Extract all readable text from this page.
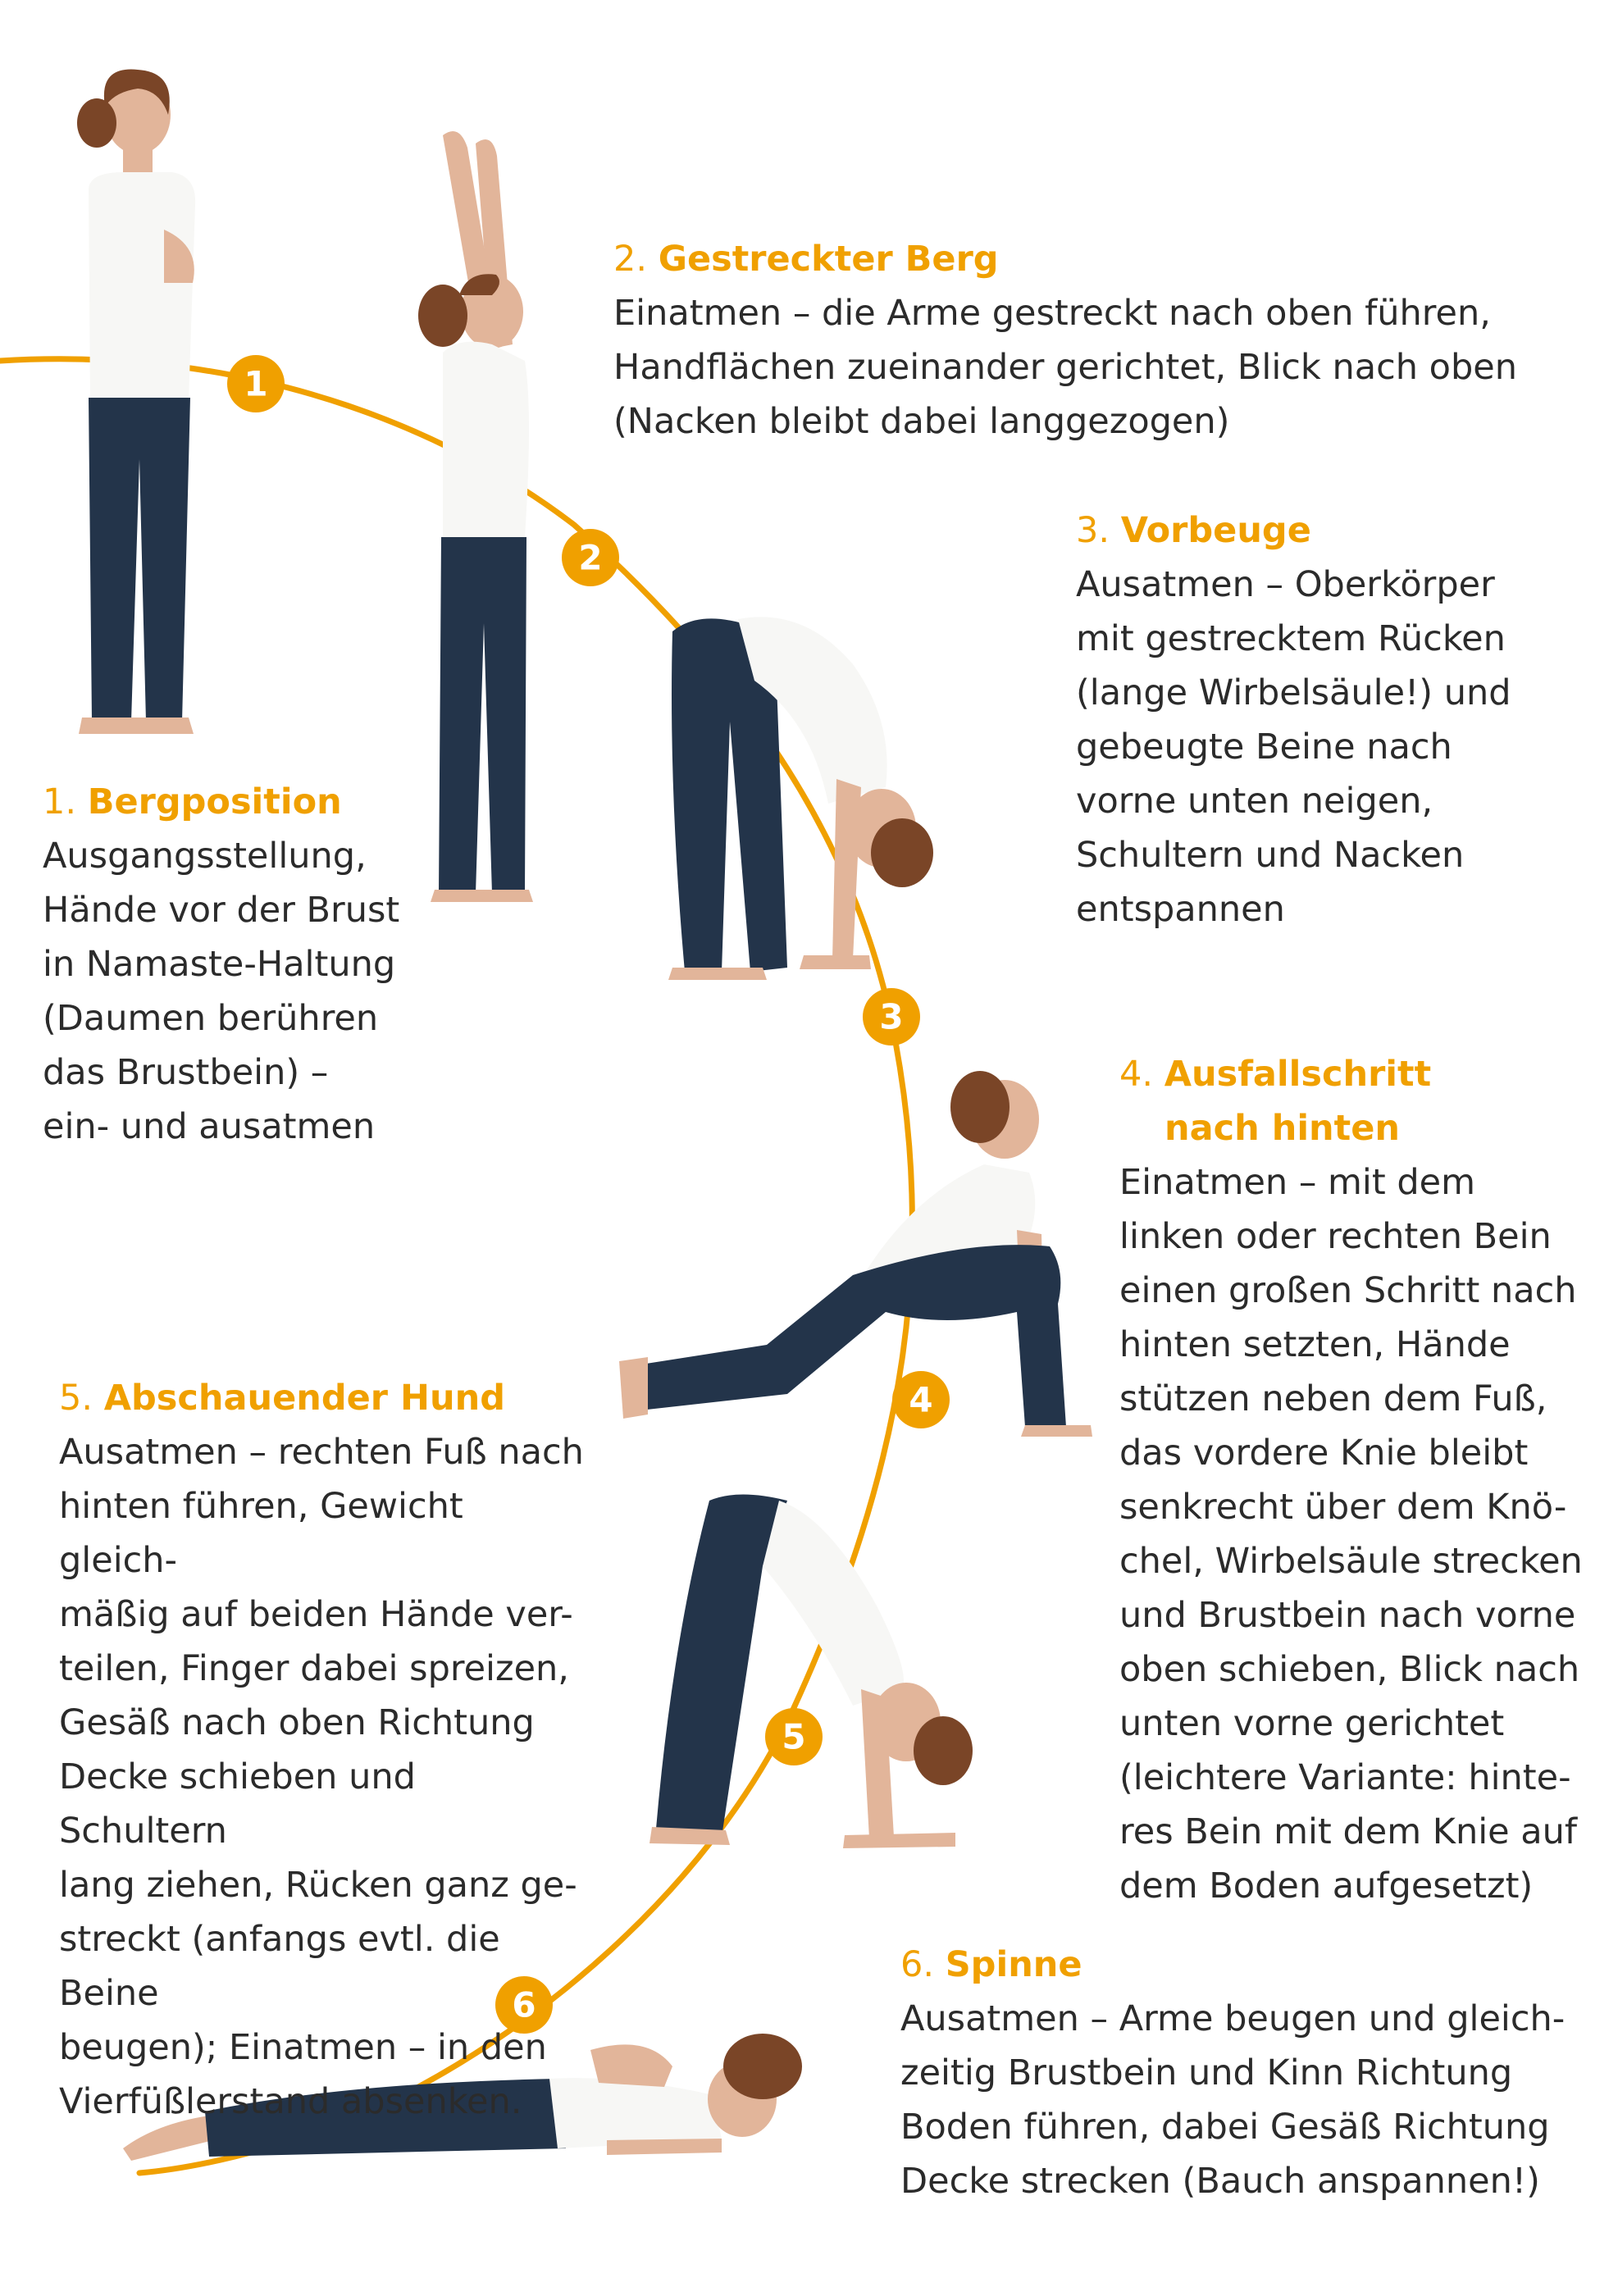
1
2
3
4
5
6

2. Gestreckter Berg

Einatmen – die Arme gestreckt nach oben führen,
Handflächen zueinander gerichtet, Blick nach oben
(Nacken bleibt dabei langgezogen)

3. Vorbeuge

Ausatmen – Oberkörper
mit gestrecktem Rücken
(lange Wirbelsäule!) und
gebeugte Beine nach
vorne unten neigen,
Schultern und Nacken
entspannen

1. Bergposition

Ausgangsstellung,
Hände vor der Brust
in Namaste-Haltung
(Daumen berühren
das Brustbein) –
ein- und ausatmen

4. Ausfallschritt
nach hinten

Einatmen – mit dem
linken oder rechten Bein
einen großen Schritt nach
hinten setzten, Hände
stützen neben dem Fuß,
das vordere Knie bleibt
senkrecht über dem Knö-
chel, Wirbelsäule strecken
und Brustbein nach vorne
oben schieben, Blick nach
unten vorne gerichtet
(leichtere Variante: hinte-
res Bein mit dem Knie auf
dem Boden aufgesetzt)

5. Abschauender Hund

Ausatmen – rechten Fuß nach
hinten führen, Gewicht gleich-
mäßig auf beiden Hände ver-
teilen, Finger dabei spreizen,
Gesäß nach oben Richtung
Decke schieben und Schultern
lang ziehen, Rücken ganz ge-
streckt (anfangs evtl. die Beine
beugen); Einatmen – in den
Vierfüßlerstand absenken.

6. Spinne

Ausatmen – Arme beugen und gleich-
zeitig Brustbein und Kinn Richtung
Boden führen, dabei Gesäß Richtung
Decke strecken (Bauch anspannen!)
